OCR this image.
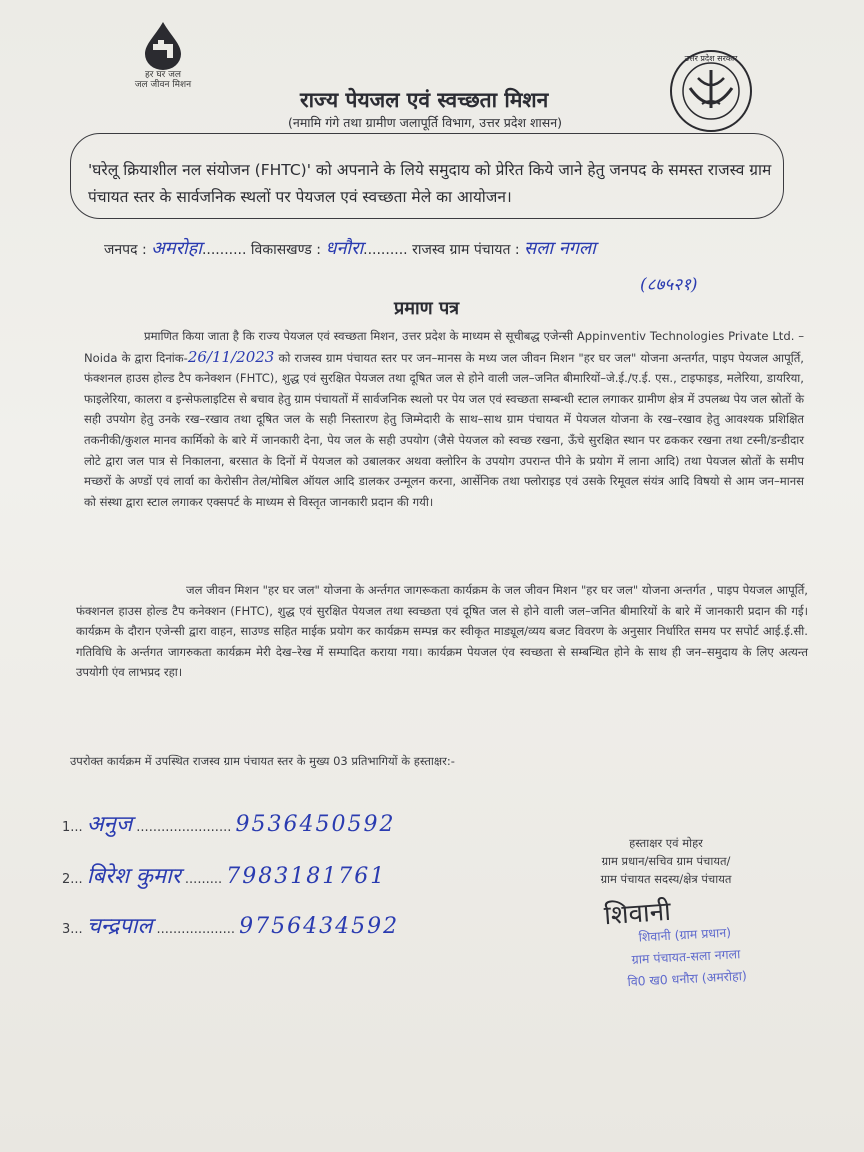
हर घर जल
जल जीवन मिशन
उत्तर प्रदेश सरकार
राज्य पेयजल एवं स्वच्छता मिशन
(नमामि गंगे तथा ग्रामीण जलापूर्ति विभाग, उत्तर प्रदेश शासन)
'घरेलू क्रियाशील नल संयोजन (FHTC)' को अपनाने के लिये समुदाय को प्रेरित किये जाने हेतु जनपद के समस्त राजस्व ग्राम पंचायत स्तर के सार्वजनिक स्थलों पर पेयजल एवं स्वच्छता मेले का आयोजन।
जनपद : अमरोहा.......... विकासखण्ड : धनौरा.......... राजस्व ग्राम पंचायत : सला नगला
(८७५२१)
प्रमाण पत्र
प्रमाणित किया जाता है कि राज्य पेयजल एवं स्वच्छता मिशन, उत्तर प्रदेश के माध्यम से सूचीबद्ध एजेन्सी Appinventiv Technologies Private Ltd. – Noida के द्वारा दिनांक-26/11/2023 को राजस्व ग्राम पंचायत स्तर पर जन–मानस के मध्य जल जीवन मिशन "हर घर जल" योजना अन्तर्गत, पाइप पेयजल आपूर्ति, फंक्शनल हाउस होल्ड टैप कनेक्शन (FHTC), शुद्ध एवं सुरक्षित पेयजल तथा दूषित जल से होने वाली जल–जनित बीमारियों–जे.ई./ए.ई. एस., टाइफाइड, मलेरिया, डायरिया, फाइलेरिया, कालरा व इन्सेफलाइटिस से बचाव हेतु ग्राम पंचायतों में सार्वजनिक स्थलो पर पेय जल एवं स्वच्छता सम्बन्धी स्टाल लगाकर ग्रामीण क्षेत्र में उपलब्ध पेय जल स्रोतों के सही उपयोग हेतु उनके रख–रखाव तथा दूषित जल के सही निस्तारण हेतु जिम्मेदारी के साथ–साथ ग्राम पंचायत में पेयजल योजना के रख–रखाव हेतु आवश्यक प्रशिक्षित तकनीकी/कुशल मानव कार्मिको के बारे में जानकारी देना, पेय जल के सही उपयोग (जैसे पेयजल को स्वच्छ रखना, ऊँचे सुरक्षित स्थान पर ढककर रखना तथा टस्नी/डन्डीदार लोटे द्वारा जल पात्र से निकालना, बरसात के दिनों में पेयजल को उबालकर अथवा क्लोरिन के उपयोग उपरान्त पीने के प्रयोग में लाना आदि) तथा पेयजल स्रोतों के समीप मच्छरों के अण्डों एवं लार्वा का केरोसीन तेल/मोबिल ऑयल आदि डालकर उन्मूलन करना, आर्सेनिक तथा फ्लोराइड एवं उसके रिमूवल संयंत्र आदि विषयो से आम जन–मानस को संस्था द्वारा स्टाल लगाकर एक्सपर्ट के माध्यम से विस्तृत जानकारी प्रदान की गयी।
जल जीवन मिशन "हर घर जल" योजना के अर्न्तगत जागरूकता कार्यक्रम के जल जीवन मिशन "हर घर जल" योजना अन्तर्गत , पाइप पेयजल आपूर्ति, फंक्शनल हाउस होल्ड टैप कनेक्शन (FHTC), शुद्ध एवं सुरक्षित पेयजल तथा स्वच्छता एवं दूषित जल से होने वाली जल–जनित बीमारियों के बारे में जानकारी प्रदान की गई। कार्यक्रम के दौरान एजेन्सी द्वारा वाहन, साउण्ड सहित माईक प्रयोग कर कार्यक्रम सम्पन्न कर स्वीकृत माड्यूल/व्यय बजट विवरण के अनुसार निर्धारित समय पर सपोर्ट आई.ई.सी. गतिविधि के अर्न्तगत जागरुकता कार्यक्रम मेरी देख–रेख में सम्पादित कराया गया। कार्यक्रम पेयजल एंव स्वच्छता से सम्बन्धित होने के साथ ही जन–समुदाय के लिए अत्यन्त उपयोगी एंव लाभप्रद रहा।
उपरोक्त कार्यक्रम में उपस्थित राजस्व ग्राम पंचायत स्तर के मुख्य 03 प्रतिभागियों के हस्ताक्षर:-
1... अनुज ....................... 9536450592
2... बिरेश कुमार ......... 7983181761
3... चन्द्रपाल ................... 9756434592
हस्ताक्षर एवं मोहर
ग्राम प्रधान/सचिव ग्राम पंचायत/
ग्राम पंचायत सदस्य/क्षेत्र पंचायत
शिवानी
शिवानी (ग्राम प्रधान)
ग्राम पंचायत-सला नगला
वि0 ख0 धनौरा (अमरोहा)
